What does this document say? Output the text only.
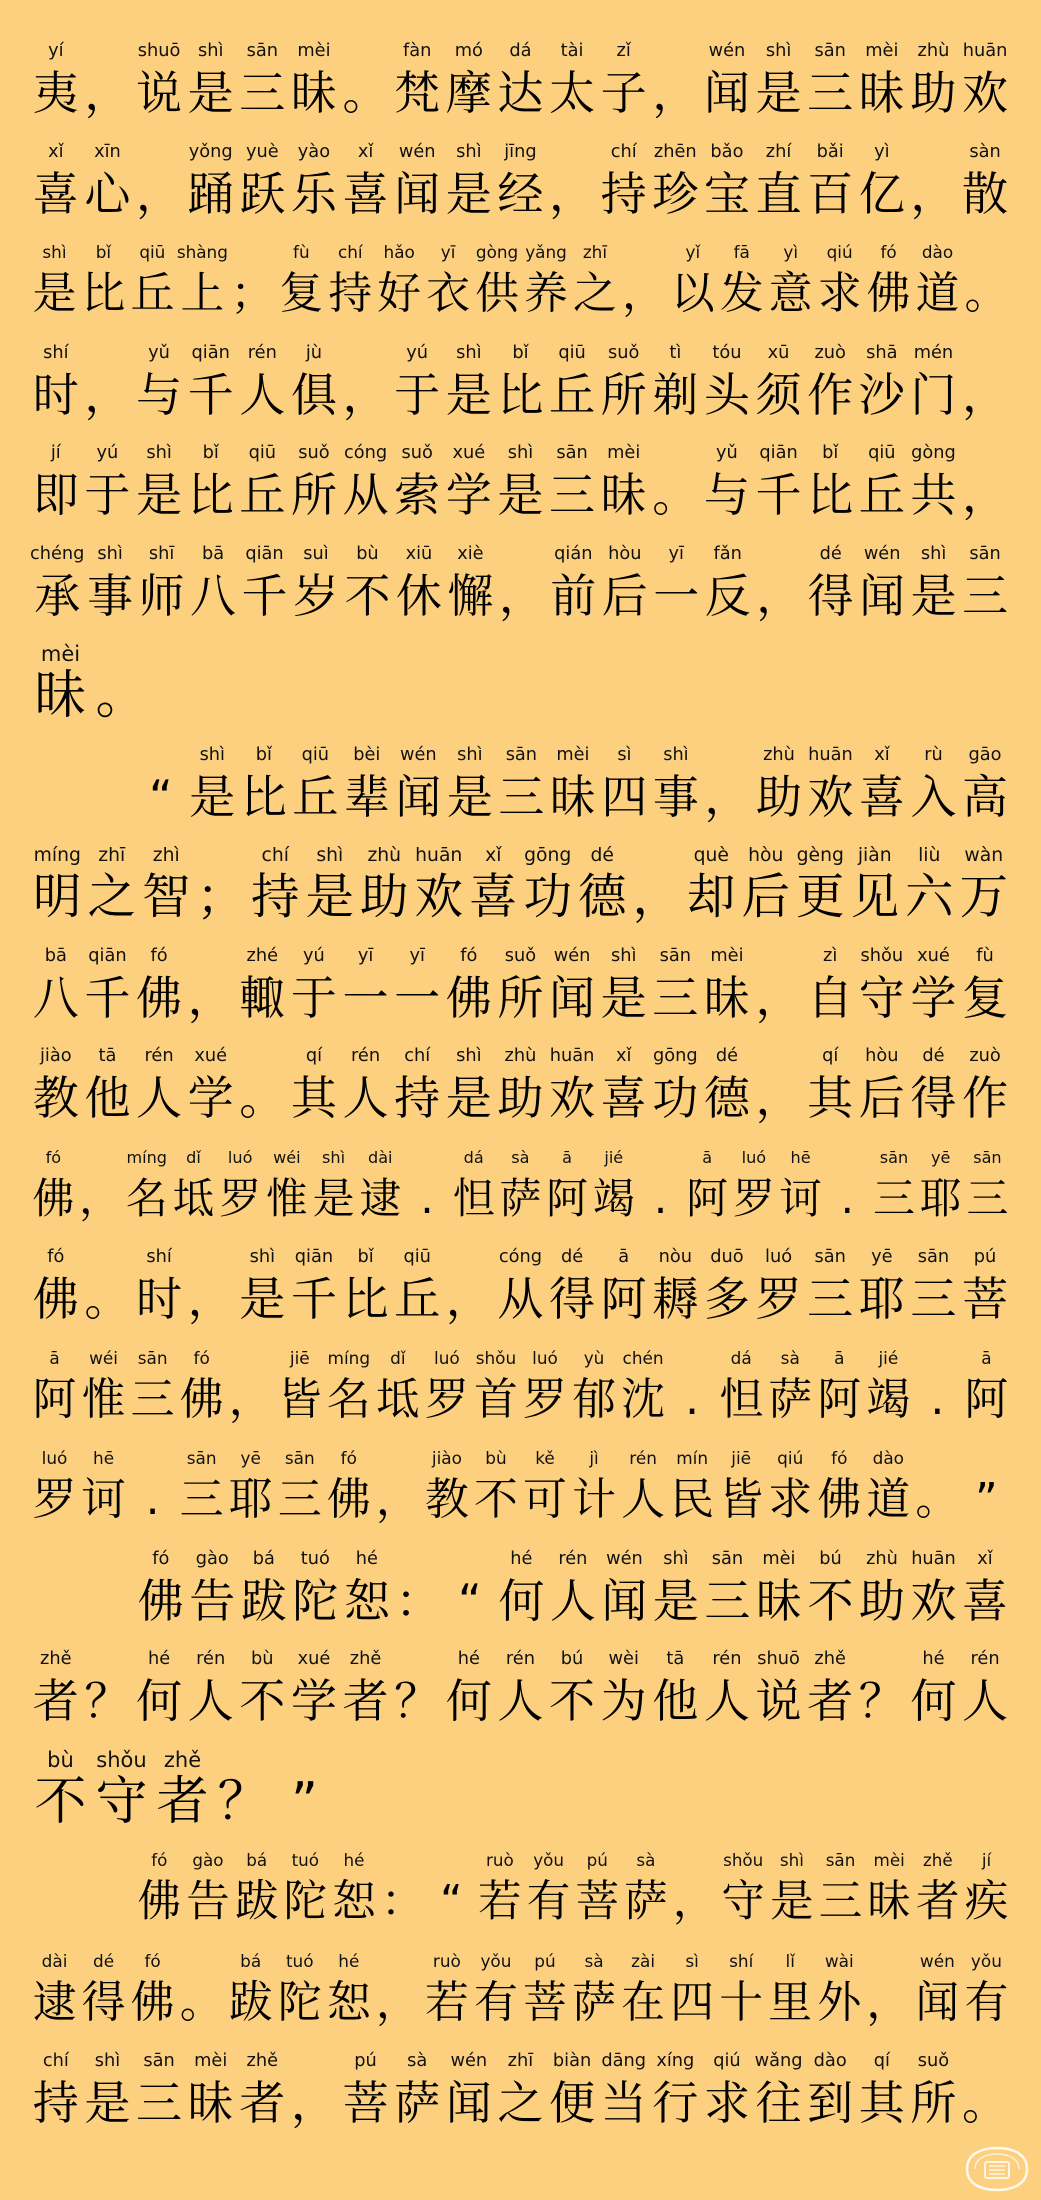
yí
夷 ，
shuō
说
shì
是
sān
三
mèi
昧 。
fàn
梵
mó
摩
dá
达
tài
太
zǐ
子 ，
wén
闻
shì
是
sān
三
mèi
昧
zhù
助
huān
欢
xǐ
喜
xīn
心 ，
yǒng
踊
yuè
跃
yào
乐
xǐ
喜
wén
闻
shì
是
jīng
经 ，
chí
持
zhēn
珍
bǎo
宝
zhí
直
bǎi
百
yì
亿 ，
sàn
散
shì
是
bǐ
比
qiū
丘
shàng
上 ；
fù
复
chí
持
hǎo
好
yī
衣
gòng
供
yǎng
养
zhī
之 ，
yǐ
以
fā
发
yì
意
qiú
求
fó
佛
dào
道 。
shí
时 ，
yǔ
与
qiān
千
rén
人
jù
俱 ，
yú
于
shì
是
bǐ
比
qiū
丘
suǒ
所
tì
剃
tóu
头
xū
须
zuò
作
shā
沙
mén
门 ，
jí
即
yú
于
shì
是
bǐ
比
qiū
丘
suǒ
所
cóng
从
suǒ
索
xué
学
shì
是
sān
三
mèi
昧 。
yǔ
与
qiān
千
bǐ
比
qiū
丘
gòng
共 ，
chéng
承
shì
事
shī
师
bā
八
qiān
千
suì
岁
bù
不
xiū
休
xiè
懈 ，
qián
前
hòu
后
yī
一
fǎn
反 ，
dé
得
wén
闻
shì
是
sān
三
mèi
昧 。
“
shì
是
bǐ
比
qiū
丘
bèi
辈
wén
闻
shì
是
sān
三
mèi
昧
sì
四
shì
事 ，
zhù
助
huān
欢
xǐ
喜
rù
入
gāo
高
míng
明
zhī
之
zhì
智 ；
chí
持
shì
是
zhù
助
huān
欢
xǐ
喜
gōng
功
dé
德 ，
què
却
hòu
后
gèng
更
jiàn
见
liù
六
wàn
万
bā
八
qiān
千
fó
佛 ，
zhé
輙
yú
于
yī
一
yī
一
fó
佛
suǒ
所
wén
闻
shì
是
sān
三
mèi
昧 ，
zì
自
shǒu
守
xué
学
fù
复
jiào
教
tā
他
rén
人
xué
学 。
qí
其
rén
人
chí
持
shì
是
zhù
助
huān
欢
xǐ
喜
gōng
功
dé
德 ，
qí
其
hòu
后
dé
得
zuò
作
fó
佛 ，
míng
名
dǐ
坻
luó
罗
wéi
惟
shì
是
dài
逮 .
dá
怛
sà
萨
ā
阿
jié
竭 .
ā
阿
luó
罗
hē
诃 .
sān
三
yē
耶
sān
三
fó
佛 。
shí
时 ，
shì
是
qiān
千
bǐ
比
qiū
丘 ，
cóng
从
dé
得
ā
阿
nòu
耨
duō
多
luó
罗
sān
三
yē
耶
sān
三
pú
菩
ā
阿
wéi
惟
sān
三
fó
佛 ，
jiē
皆
míng
名
dǐ
坻
luó
罗
shǒu
首
luó
罗
yù
郁
chén
沈 .
dá
怛
sà
萨
ā
阿
jié
竭 .
ā
阿
luó
罗
hē
诃 .
sān
三
yē
耶
sān
三
fó
佛 ，
jiào
教
bù
不
kě
可
jì
计
rén
人
mín
民
jiē
皆
qiú
求
fó
佛
dào
道 。 ”
fó
佛
gào
告
bá
跋
tuó
陀
hé
恕 ： “
hé
何
rén
人
wén
闻
shì
是
sān
三
mèi
昧
bú
不
zhù
助
huān
欢
xǐ
喜
zhě
者 ？
hé
何
rén
人
bù
不
xué
学
zhě
者 ？
hé
何
rén
人
bú
不
wèi
为
tā
他
rén
人
shuō
说
zhě
者 ？
hé
何
rén
人
bù
不
shǒu
守
zhě
者 ？ ”
fó
佛
gào
告
bá
跋
tuó
陀
hé
恕 ： “
ruò
若
yǒu
有
pú
菩
sà
萨 ，
shǒu
守
shì
是
sān
三
mèi
昧
zhě
者
jí
疾
dài
逮
dé
得
fó
佛 。
bá
跋
tuó
陀
hé
恕 ，
ruò
若
yǒu
有
pú
菩
sà
萨
zài
在
sì
四
shí
十
lǐ
里
wài
外 ，
wén
闻
yǒu
有
chí
持
shì
是
sān
三
mèi
昧
zhě
者 ，
pú
菩
sà
萨
wén
闻
zhī
之
biàn
便
dāng
当
xíng
行
qiú
求
wǎng
往
dào
到
qí
其
suǒ
所 。
